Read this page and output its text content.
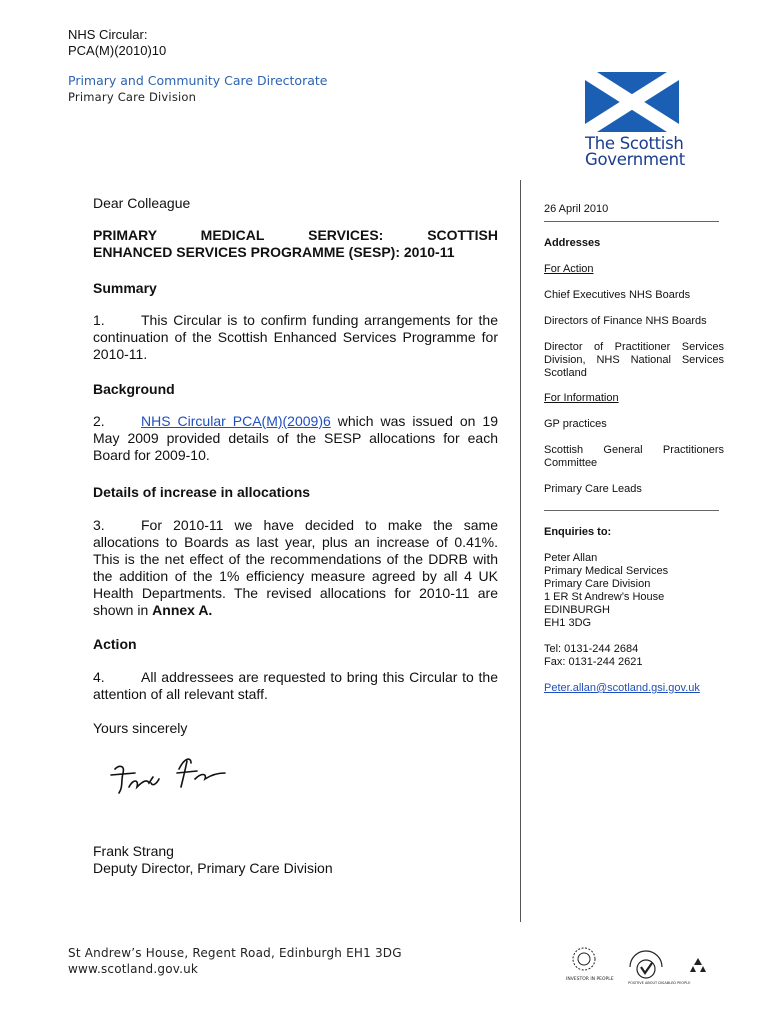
NHS Circular:
PCA(M)(2010)10
Primary and Community Care Directorate
Primary Care Division
The Scottish
Government

Dear Colleague

PRIMARY MEDICAL SERVICES: SCOTTISH
ENHANCED SERVICES PROGRAMME (SESP): 2010-11

Summary

1.	This Circular is to confirm funding arrangements for the continuation of the Scottish Enhanced Services Programme for 2010-11.

Background

2.	NHS Circular PCA(M)(2009)6 which was issued on 19 May 2009 provided details of the SESP allocations for each Board for 2009-10.

Details of increase in allocations

3.	For 2010-11 we have decided to make the same allocations to Boards as last year, plus an increase of 0.41%. This is the net effect of the recommendations of the DDRB with the addition of the 1% efficiency measure agreed by all 4 UK Health Departments. The revised allocations for 2010-11 are shown in Annex A.

Action

4.	All addressees are requested to bring this Circular to the attention of all relevant staff.

Yours sincerely

Frank Strang

Deputy Director, Primary Care Division

26 April 2010
Addresses
For Action
Chief Executives NHS Boards
Directors of Finance NHS Boards
Director of Practitioner Services Division, NHS National Services Scotland
For Information
GP practices
Scottish General Practitioners Committee
Primary Care Leads
Enquiries to:
Peter Allan
Primary Medical Services
Primary Care Division
1 ER St Andrew’s House
EDINBURGH
EH1 3DG
Tel: 0131-244 2684
Fax: 0131-244 2621
Peter.allan@scotland.gsi.gov.uk
St Andrew’s House, Regent Road, Edinburgh EH1 3DG
www.scotland.gov.uk
INVESTOR IN PEOPLE
POSITIVE ABOUT DISABLED PEOPLE
